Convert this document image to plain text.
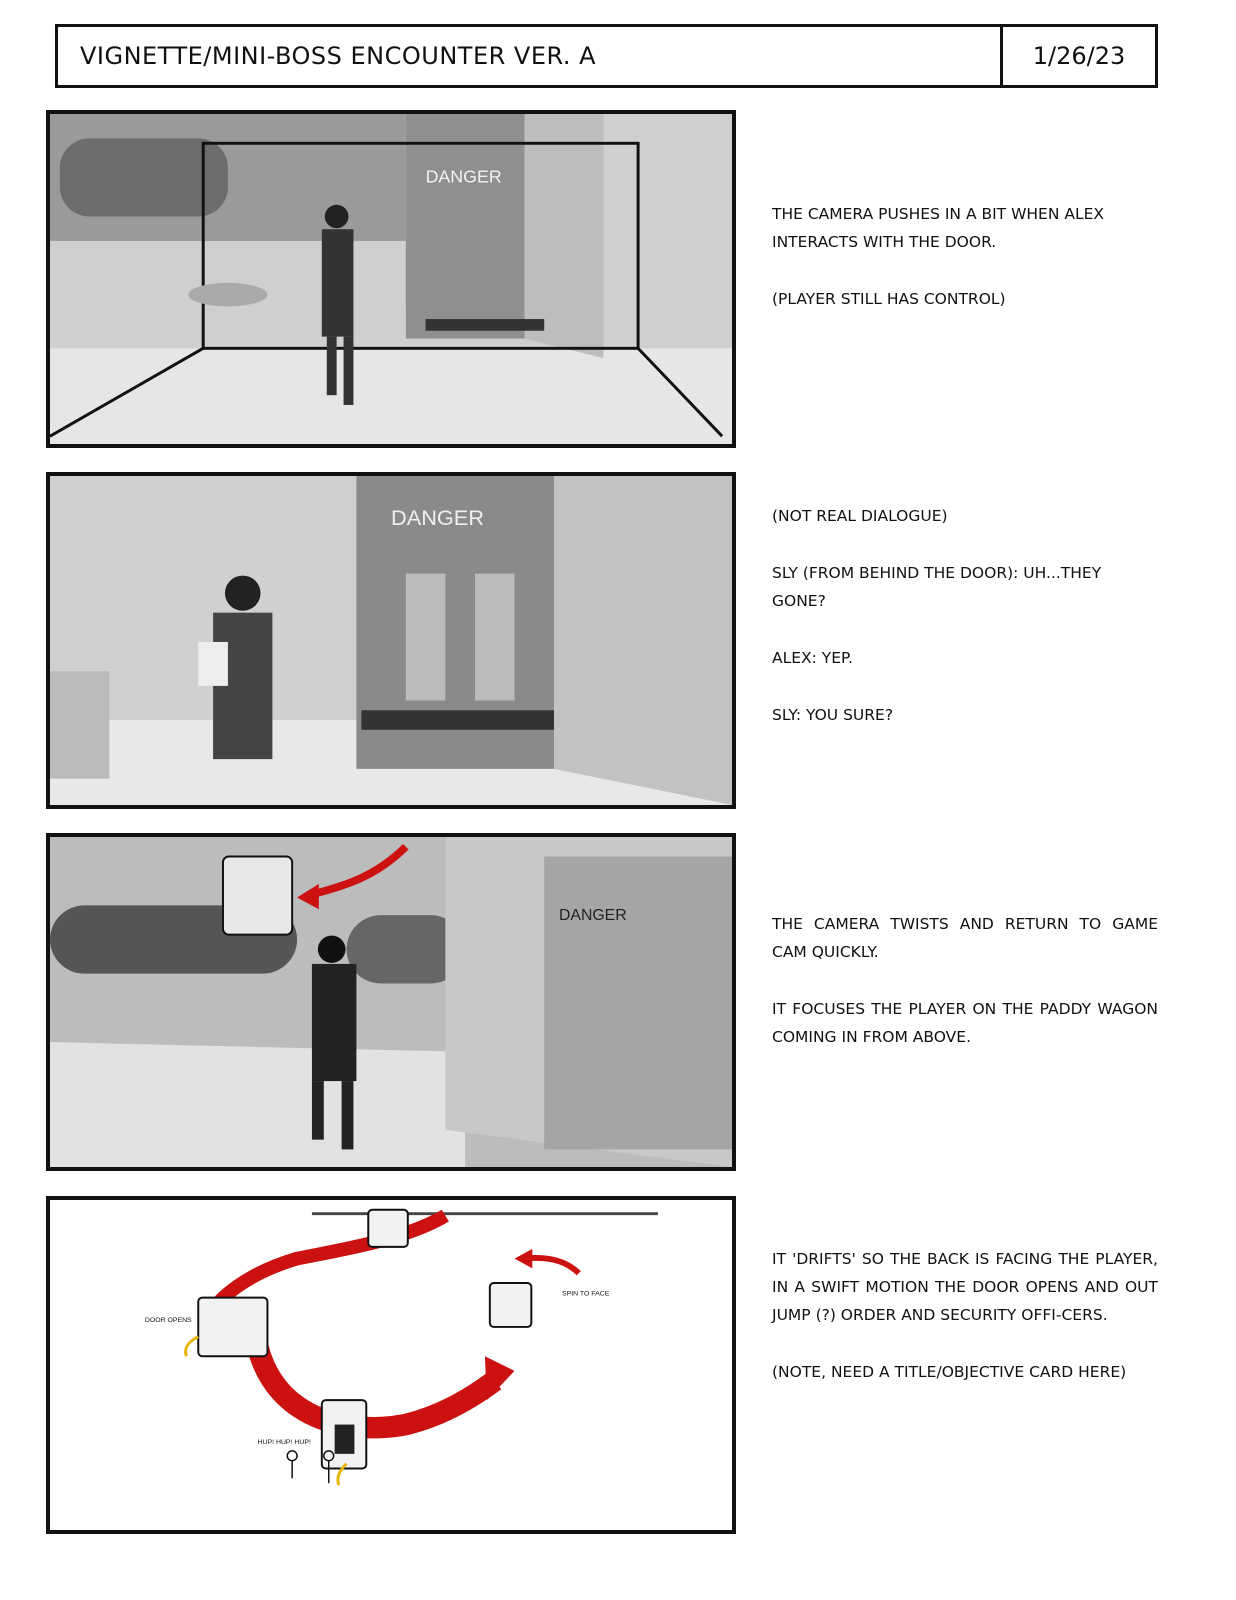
VIGNETTE/MINI-BOSS ENCOUNTER VER. A	1/26/23
DANGER

THE CAMERA PUSHES IN A BIT WHEN ALEX INTERACTS WITH THE DOOR.

(PLAYER STILL HAS CONTROL)

DANGER	(NOT REAL DIALOGUE)

SLY (FROM BEHIND THE DOOR): UH...THEY GONE?

ALEX: YEP.

SLY: YOU SURE?

DANGER	THE CAMERA TWISTS AND RETURN TO GAME CAM QUICKLY.

IT FOCUSES THE PLAYER ON THE PADDY WAGON COMING IN FROM ABOVE.

SPIN TO FACE
DOOR OPENS
HUP! HUP! HUP!

IT 'DRIFTS' SO THE BACK IS FACING THE PLAYER, IN A SWIFT MOTION THE DOOR OPENS AND OUT JUMP (?) ORDER AND SECURITY OFFI-CERS.

(NOTE, NEED A TITLE/OBJECTIVE CARD HERE)
